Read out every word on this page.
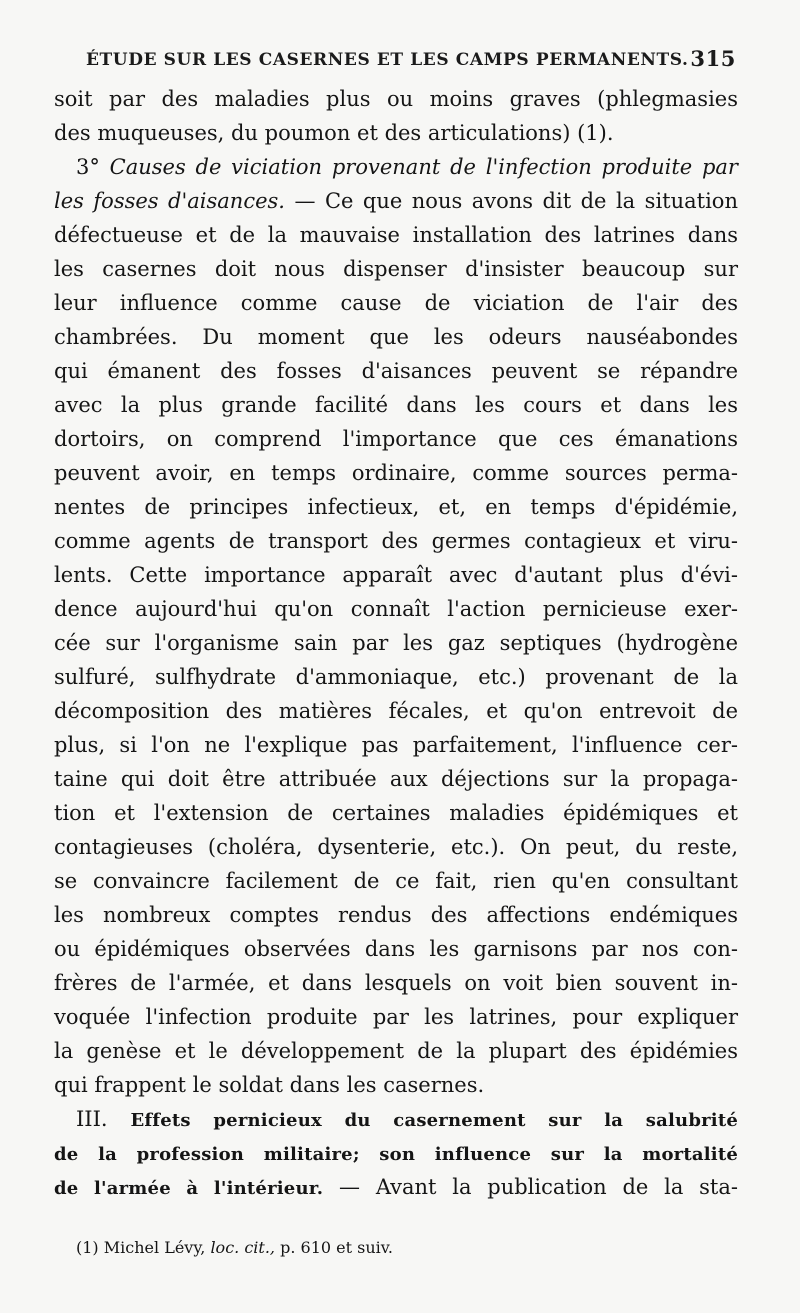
ÉTUDE SUR LES CASERNES ET LES CAMPS PERMANENTS. 315
soit par des maladies plus ou moins graves (phlegmasies
des muqueuses, du poumon et des articulations) (1).
3° Causes de viciation provenant de l'infection produite par
les fosses d'aisances. — Ce que nous avons dit de la situation
défectueuse et de la mauvaise installation des latrines dans
les casernes doit nous dispenser d'insister beaucoup sur
leur influence comme cause de viciation de l'air des
chambrées. Du moment que les odeurs nauséabondes
qui émanent des fosses d'aisances peuvent se répandre
avec la plus grande facilité dans les cours et dans les
dortoirs, on comprend l'importance que ces émanations
peuvent avoir, en temps ordinaire, comme sources perma-
nentes de principes infectieux, et, en temps d'épidémie,
comme agents de transport des germes contagieux et viru-
lents. Cette importance apparaît avec d'autant plus d'évi-
dence aujourd'hui qu'on connaît l'action pernicieuse exer-
cée sur l'organisme sain par les gaz septiques (hydrogène
sulfuré, sulfhydrate d'ammoniaque, etc.) provenant de la
décomposition des matières fécales, et qu'on entrevoit de
plus, si l'on ne l'explique pas parfaitement, l'influence cer-
taine qui doit être attribuée aux déjections sur la propaga-
tion et l'extension de certaines maladies épidémiques et
contagieuses (choléra, dysenterie, etc.). On peut, du reste,
se convaincre facilement de ce fait, rien qu'en consultant
les nombreux comptes rendus des affections endémiques
ou épidémiques observées dans les garnisons par nos con-
frères de l'armée, et dans lesquels on voit bien souvent in-
voquée l'infection produite par les latrines, pour expliquer
la genèse et le développement de la plupart des épidémies
qui frappent le soldat dans les casernes.
III. Effets pernicieux du casernement sur la salubrité
de la profession militaire; son influence sur la mortalité
de l'armée à l'intérieur. — Avant la publication de la sta-
(1) Michel Lévy, loc. cit., p. 610 et suiv.
